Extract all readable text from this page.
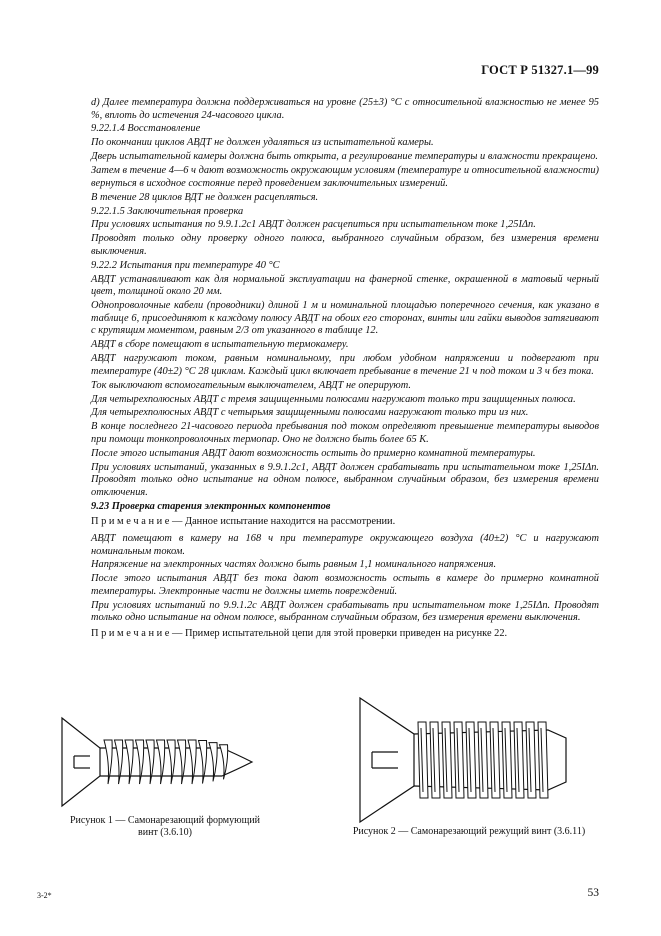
ГОСТ Р 51327.1—99

d) Далее температура должна поддерживаться на уровне (25±3) °С с относительной влажностью не менее 95 %, вплоть до истечения 24-часового цикла.

9.22.1.4 Восстановление

По окончании циклов АВДТ не должен удаляться из испытательной камеры.

Дверь испытательной камеры должна быть открыта, а регулирование температуры и влажности прекращено.

Затем в течение 4—6 ч дают возможность окружающим условиям (температуре и относительной влажности) вернуться в исходное состояние перед проведением заключительных измерений.

В течение 28 циклов ВДТ не должен расцепляться.

9.22.1.5 Заключительная проверка

При условиях испытания по 9.9.1.2с1 АВДТ должен расцепиться при испытательном токе 1,25IΔn.

Проводят только одну проверку одного полюса, выбранного случайным образом, без измерения времени выключения.

9.22.2 Испытания при температуре 40 °С

АВДТ устанавливают как для нормальной эксплуатации на фанерной стенке, окрашенной в матовый черный цвет, толщиной около 20 мм.

Однопроволочные кабели (проводники) длиной 1 м и номинальной площадью поперечного сечения, как указано в таблице 6, присоединяют к каждому полюсу АВДТ на обоих его сторонах, винты или гайки выводов затягивают с крутящим моментом, равным 2/3 от указанного в таблице 12.

АВДТ в сборе помещают в испытательную термокамеру.

АВДТ нагружают током, равным номинальному, при любом удобном напряжении и подвергают при температуре (40±2) °С 28 циклам. Каждый цикл включает пребывание в течение 21 ч под током и 3 ч без тока.

Ток выключают вспомогательным выключателем, АВДТ не оперируют.

Для четырехполюсных АВДТ с тремя защищенными полюсами нагружают только три защищенных полюса.

Для четырехполюсных АВДТ с четырьмя защищенными полюсами нагружают только три из них.

В конце последнего 21-часового периода пребывания под током определяют превышение температуры выводов при помощи тонкопроволочных термопар. Оно не должно быть более 65 К.

После этого испытания АВДТ дают возможность остыть до примерно комнатной температуры.

При условиях испытаний, указанных в 9.9.1.2с1, АВДТ должен срабатывать при испытательном токе 1,25IΔn. Проводят только одно испытание на одном полюсе, выбранном случайным образом, без измерения времени отключения.

9.23 Проверка старения электронных компонентов

П р и м е ч а н и е — Данное испытание находится на рассмотрении.

АВДТ помещают в камеру на 168 ч при температуре окружающего воздуха (40±2) °С и нагружают номинальным током.

Напряжение на электронных частях должно быть равным 1,1 номинального напряжения.

После этого испытания АВДТ без тока дают возможность остыть в камере до примерно комнатной температуры. Электронные части не должны иметь повреждений.

При условиях испытаний по 9.9.1.2с АВДТ должен срабатывать при испытательном токе 1,25IΔn. Проводят только одно испытание на одном полюсе, выбранном случайным образом, без измерения времени выключения.

П р и м е ч а н и е — Пример испытательной цепи для этой проверки приведен на рисунке 22.

Рисунок 1 — Самонарезающий формующий винт (3.6.10)	Рисунок 2 — Самонарезающий режущий винт (3.6.11)
3-2*	53
